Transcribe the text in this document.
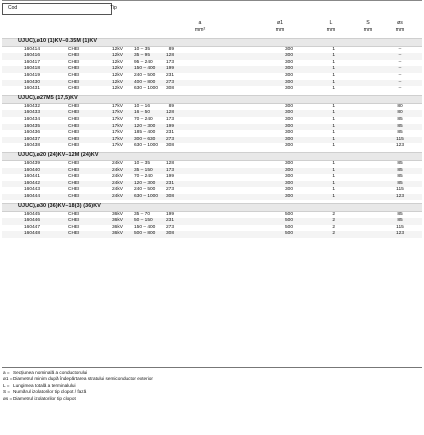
Cod	Tip
a
mm²
ø1
mm
L
mm
S
mm
øs
mm
UJUC),ø10 (1)KV–0.35M (1)KV
160414	CHEI	12kV 10 – 35	89	300	1	–
160416	CHEI	12kV 35 – 95	128	300	1	–
160417	CHEI	12kV 95 – 240	173	300	1	–
160418	CHEI	12kV 150 – 400	199	300	1	–
160419	CHEI	12kV 240 – 500	231	300	1	–
160430	CHEI	12kV 400 – 800	273	300	1	–
160431	CHEI	12kV 630 – 1000	308	300	1	–
UJUC),ø27M5 (17,5)KV
160432	CHEI	17kV 10 – 16	89	300	1	80
160433	CHEI	17kV 16 – 50	128	300	1	80
160434	CHEI	17kV 70 – 240	173	300	1	85
160435	CHEI	17kV 120 – 300	199	300	1	85
160436	CHEI	17kV 185 – 400	231	300	1	85
160437	CHEI	17kV 300 – 630	273	300	1	115
160438	CHEI	17kV 630 – 1000	308	300	1	123
UJUC),ø20 (24)KV–12M (24)KV
160439	CHEI	24kV 10 – 35	128	300	1	85
160440	CHEI	24kV 35 – 150	173	300	1	85
160441	CHEI	24kV 70 – 240	199	300	1	85
160442	CHEI	24kV 120 – 300	231	300	1	85
160443	CHEI	24kV 240 – 500	273	300	1	115
160444	CHEI	24kV 630 – 1000	308	300	1	123
UJUC),ø30 (36)KV–18(3) (36)KV
160445	CHEI	36kV 35 – 70	199	500	2	85
160446	CHEI	36kV 50 – 150	231	500	2	85
160447	CHEI	36kV 150 – 400	273	500	2	115
160448	CHEI	36kV 500 – 800	308	500	2	123
a = Secțiunea nominală a conductorului
ø1 =Diametrul minim după îndepărtarea stratului semiconductor exterior
L = Lungimea totală a terminalului
S = Numărul izolatorilor tip clopot / fază
øs =Diametrul izolatorilor tip clopot
